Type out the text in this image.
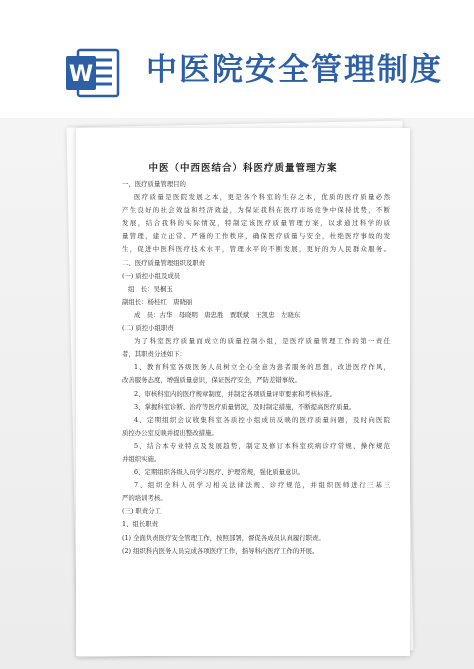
W 中医院安全管理制度
中医（中西医结合）科医疗质量管理方案
一、医疗质量管理目的
医疗质量是医院发展之本，更是各个科室的生存之本，优质的医疗质量必然
产生良好的社会效益和经济效益，为保证我科在医疗市场竞争中保持优势，不断
发展，结合我科的实际情况，特制定该医疗质量管理方案，以求通过科学的质
量管理，建立正常、严谨的工作秩序，确保医疗质量与安全，杜绝医疗事故的发
生，促进中医科医疗技术水平，管理水平的不断发展，更好的为人民群众服务。
二、医疗质量管理组织及职责
(一) 质控小组及成员
组　长：吴桐玉
副组长：杨桂红　唐晓丽
成　员：古华　母晓明　唐忠胜　贾联斌　王凯忠　左晓东
(二) 质控小组职责
为了科室医疗质量而成立的质量控制小组，是医疗质量管理工作的第一责任
者，其职责分述如下：
1、教育科室各级医务人员树立全心全意为患者服务的思想，改进医疗作风，
改善服务态度，增强质量意识，保证医疗安全，严防差错事故。
2、审核科室内的医疗规章制度，并制定各项质量评审要素和考核标准。
3、掌握科室诊断、治疗等医疗质量情况，及时制定措施，不断提高医疗质量。
4、定期组织会议收集科室各质控小组成员反映的医疗质量问题，及时向医院
质控办公室反映并提出整改措施。
5、结合本专业特点及发展趋势，制定及修订本科室疾病诊疗常规、操作规范
并组织实施。
6、定期组织各级人员学习医疗、护理常规，强化质量意识。
7、组织全科人员学习相关法律法规、诊疗规范，并组织医师进行三基三
严的培训考核。
(三) 职责分工
1、组长职责
(1) 全面负责医疗安全管理工作，按照部署，督促各成员认真履行职责。
(2) 组织科内医务人员完成各项医疗工作，指导科内医疗工作的开展。
